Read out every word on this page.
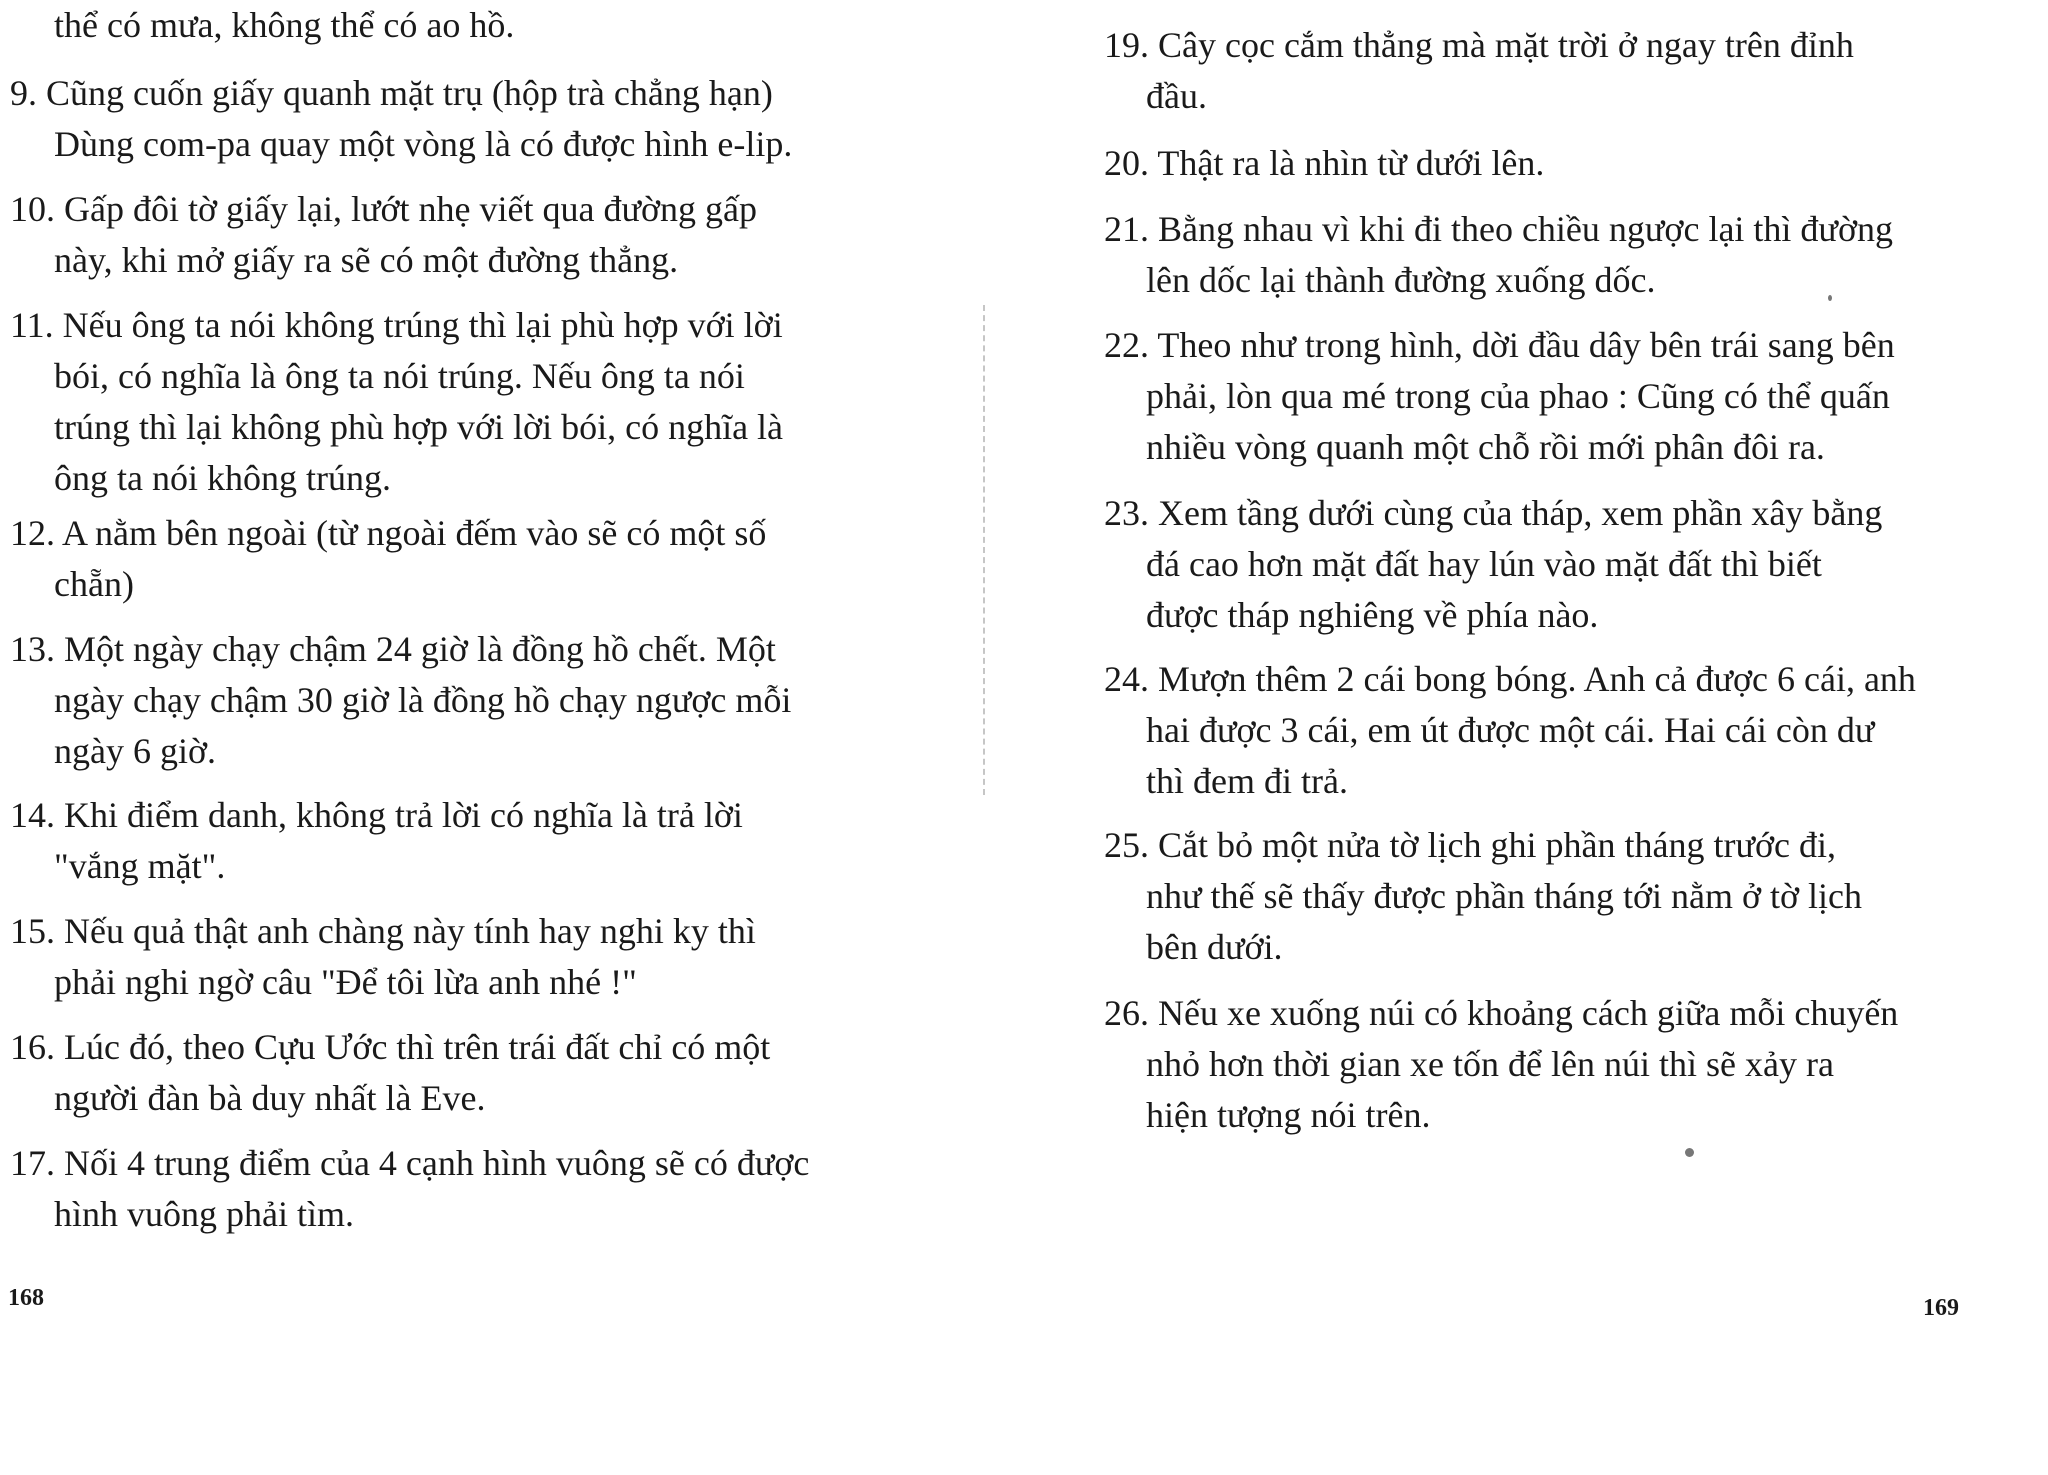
thể có mưa, không thể có ao hồ.
9. Cũng cuốn giấy quanh mặt trụ (hộp trà chẳng hạn)
Dùng com-pa quay một vòng là có được hình e-lip.
10. Gấp đôi tờ giấy lại, lướt nhẹ viết qua đường gấp
này, khi mở giấy ra sẽ có một đường thẳng.
11. Nếu ông ta nói không trúng thì lại phù hợp với lời
bói, có nghĩa là ông ta nói trúng. Nếu ông ta nói
trúng thì lại không phù hợp với lời bói, có nghĩa là
ông ta nói không trúng.
12. A nằm bên ngoài (từ ngoài đếm vào sẽ có một số
chẵn)
13. Một ngày chạy chậm 24 giờ là đồng hồ chết. Một
ngày chạy chậm 30 giờ là đồng hồ chạy ngược mỗi
ngày 6 giờ.
14. Khi điểm danh, không trả lời có nghĩa là trả lời
"vắng mặt".
15. Nếu quả thật anh chàng này tính hay nghi ky thì
phải nghi ngờ câu "Để tôi lừa anh nhé !"
16. Lúc đó, theo Cựu Ước thì trên trái đất chỉ có một
người đàn bà duy nhất là Eve.
17. Nối 4 trung điểm của 4 cạnh hình vuông sẽ có được
hình vuông phải tìm.
19. Cây cọc cắm thẳng mà mặt trời ở ngay trên đỉnh
đầu.
20. Thật ra là nhìn từ dưới lên.
21. Bằng nhau vì khi đi theo chiều ngược lại thì đường
lên dốc lại thành đường xuống dốc.
22. Theo như trong hình, dời đầu dây bên trái sang bên
phải, lòn qua mé trong của phao : Cũng có thể quấn
nhiều vòng quanh một chỗ rồi mới phân đôi ra.
23. Xem tầng dưới cùng của tháp, xem phần xây bằng
đá cao hơn mặt đất hay lún vào mặt đất thì biết
được tháp nghiêng về phía nào.
24. Mượn thêm 2 cái bong bóng. Anh cả được 6 cái, anh
hai được 3 cái, em út được một cái. Hai cái còn dư
thì đem đi trả.
25. Cắt bỏ một nửa tờ lịch ghi phần tháng trước đi,
như thế sẽ thấy được phần tháng tới nằm ở tờ lịch
bên dưới.
26. Nếu xe xuống núi có khoảng cách giữa mỗi chuyến
nhỏ hơn thời gian xe tốn để lên núi thì sẽ xảy ra
hiện tượng nói trên.
168	169
